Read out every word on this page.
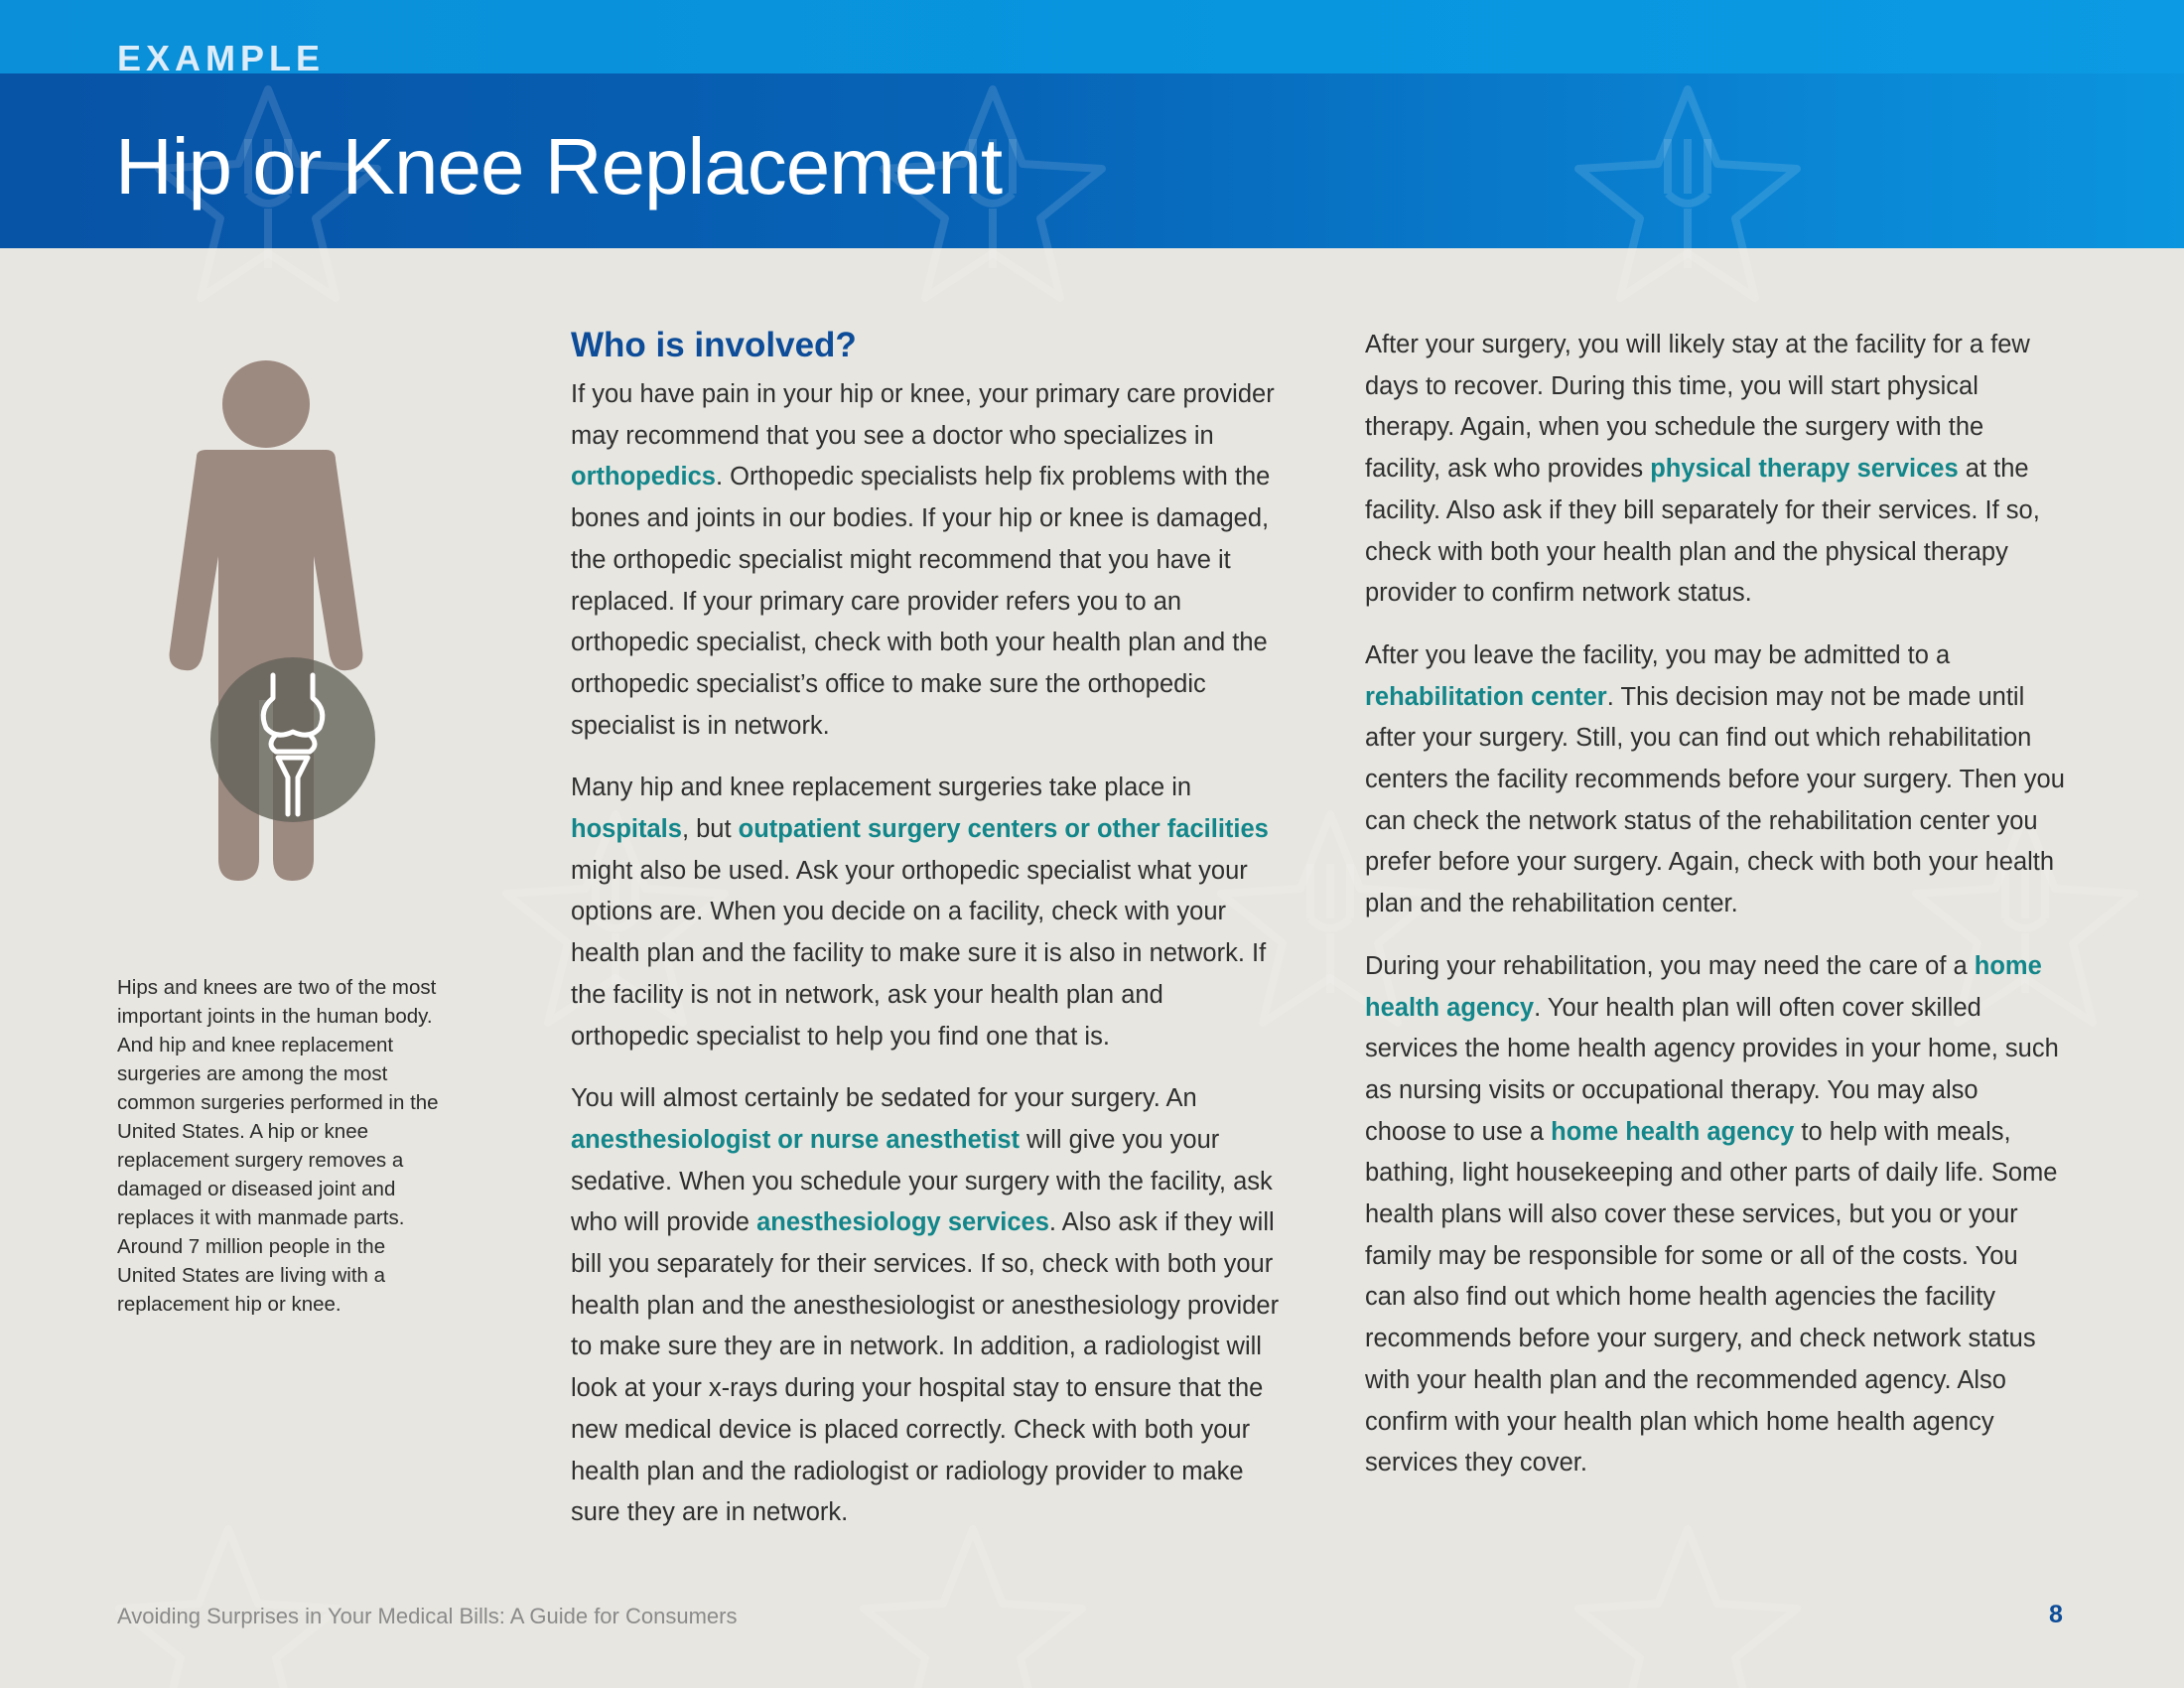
EXAMPLE
Hip or Knee Replacement
Hips and knees are two of the most important joints in the human body. And hip and knee replacement surgeries are among the most common surgeries performed in the United States. A hip or knee replacement surgery removes a damaged or diseased joint and replaces it with manmade parts. Around 7 million people in the United States are living with a replacement hip or knee.
Who is involved?

If you have pain in your hip or knee, your primary care provider may recommend that you see a doctor who specializes in orthopedics. Orthopedic specialists help fix problems with the bones and joints in our bodies. If your hip or knee is damaged, the orthopedic specialist might recommend that you have it replaced. If your primary care provider refers you to an orthopedic specialist, check with both your health plan and the orthopedic specialist’s office to make sure the orthopedic specialist is in network.

Many hip and knee replacement surgeries take place in hospitals, but outpatient surgery centers or other facilities might also be used. Ask your orthopedic specialist what your options are. When you decide on a facility, check with your health plan and the facility to make sure it is also in network. If the facility is not in network, ask your health plan and orthopedic specialist to help you find one that is.

You will almost certainly be sedated for your surgery. An anesthesiologist or nurse anesthetist will give you your sedative. When you schedule your surgery with the facility, ask who will provide anesthesiology services. Also ask if they will bill you separately for their services. If so, check with both your health plan and the anesthesiologist or anesthesiology provider to make sure they are in network. In addition, a radiologist will look at your x-rays during your hospital stay to ensure that the new medical device is placed correctly. Check with both your health plan and the radiologist or radiology provider to make sure they are in network.

After your surgery, you will likely stay at the facility for a few days to recover. During this time, you will start physical therapy. Again, when you schedule the surgery with the facility, ask who provides physical therapy services at the facility. Also ask if they bill separately for their services. If so, check with both your health plan and the physical therapy provider to confirm network status.

After you leave the facility, you may be admitted to a rehabilitation center. This decision may not be made until after your surgery. Still, you can find out which rehabilitation centers the facility recommends before your surgery. Then you can check the network status of the rehabilitation center you prefer before your surgery. Again, check with both your health plan and the rehabilitation center.

During your rehabilitation, you may need the care of a home health agency. Your health plan will often cover skilled services the home health agency provides in your home, such as nursing visits or occupational therapy. You may also choose to use a home health agency to help with meals, bathing, light housekeeping and other parts of daily life. Some health plans will also cover these services, but you or your family may be responsible for some or all of the costs. You can also find out which home health agencies the facility recommends before your surgery, and check network status with your health plan and the recommended agency. Also confirm with your health plan which home health agency services they cover.

Avoiding Surprises in Your Medical Bills: A Guide for Consumers	8
